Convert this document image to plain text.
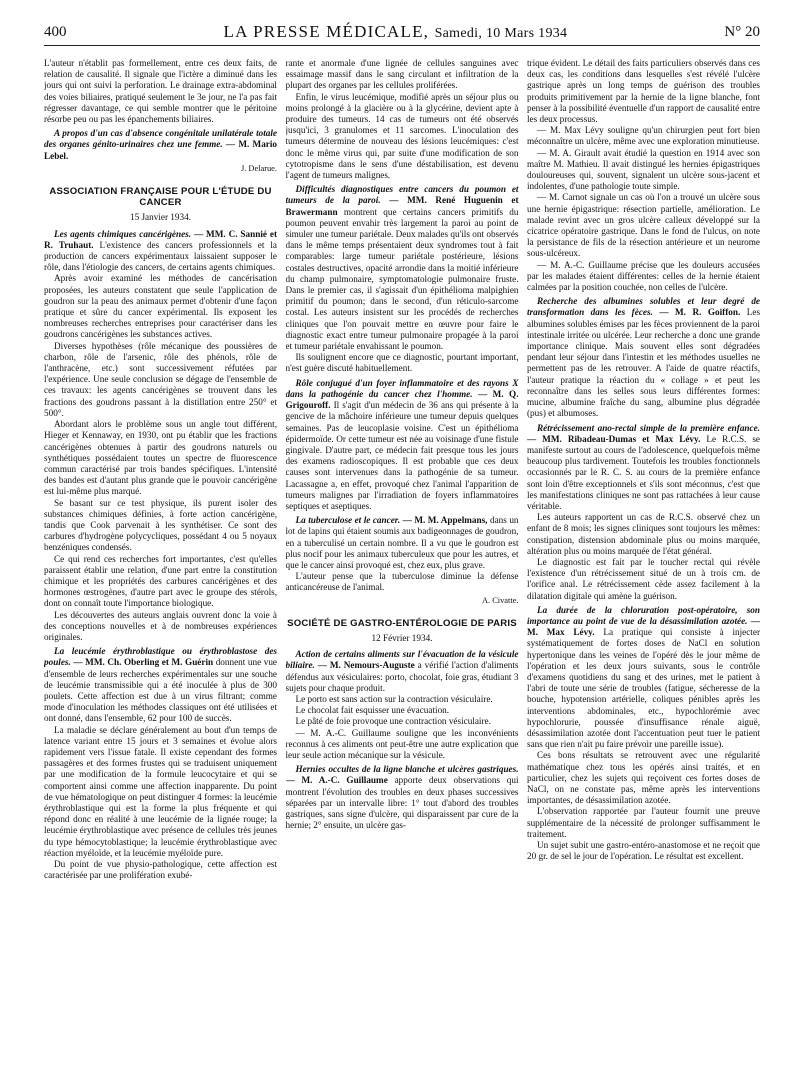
400	LA PRESSE MÉDICALE, Samedi, 10 Mars 1934	N° 20

L'auteur n'établit pas formellement, entre ces deux faits, de relation de causalité. Il signale que l'ictère a diminué dans les jours qui ont suivi la perforation. Le drainage extra-abdominal des voies biliaires, pratiqué seulement le 3e jour, ne l'a pas fait régresser davantage, ce qui semble montrer que le péritoine résorbe peu ou pas les épanchements biliaires.

A propos d'un cas d'absence congénitale unilatérale totale des organes génito-urinaires chez une femme. — M. Mario Lebel.

J. Delarue.

ASSOCIATION FRANÇAISE POUR L'ÉTUDE DU CANCER

15 Janvier 1934.

Les agents chimiques cancérigènes. — MM. C. Sannié et R. Truhaut. L'existence des cancers professionnels et la production de cancers expérimentaux laissaient supposer le rôle, dans l'étiologie des cancers, de certains agents chimiques.

Après avoir examiné les méthodes de cancérisation proposées, les auteurs constatent que seule l'application de goudron sur la peau des animaux permet d'obtenir d'une façon pratique et sûre du cancer expérimental. Ils exposent les nombreuses recherches entreprises pour caractériser dans les goudrons cancérigènes les substances actives.

Diverses hypothèses (rôle mécanique des poussières de charbon, rôle de l'arsenic, rôle des phénols, rôle de l'anthracène, etc.) sont successivement réfutées par l'expérience. Une seule conclusion se dégage de l'ensemble de ces travaux: les agents cancérigènes se trouvent dans les fractions des goudrons passant à la distillation entre 250° et 500°.

Abordant alors le problème sous un angle tout différent, Hieger et Kennaway, en 1930, ont pu établir que les fractions cancérigènes obtenues à partir des goudrons naturels ou synthétiques possédaient toutes un spectre de fluorescence commun caractérisé par trois bandes spécifiques. L'intensité des bandes est d'autant plus grande que le pouvoir cancérigène est lui-même plus marqué.

Se basant sur ce test physique, ils purent isoler des substances chimiques définies, à forte action cancérigène, tandis que Cook parvenait à les synthétiser. Ce sont des carbures d'hydrogène polycycliques, possédant 4 ou 5 noyaux benzéniques condensés.

Ce qui rend ces recherches fort importantes, c'est qu'elles paraissent établir une relation, d'une part entre la constitution chimique et les propriétés des carbures cancérigènes et des hormones œstrogènes, d'autre part avec le groupe des stérols, dont on connaît toute l'importance biologique.

Les découvertes des auteurs anglais ouvrent donc la voie à des conceptions nouvelles et à de nombreuses expériences originales.

La leucémie érythroblastique ou érythroblastose des poules. — MM. Ch. Oberling et M. Guérin donnent une vue d'ensemble de leurs recherches expérimentales sur une souche de leucémie transmissible qui a été inoculée à plus de 300 poulets. Cette affection est due à un virus filtrant; comme mode d'inoculation les méthodes classiques ont été utilisées et ont donné, dans l'ensemble, 62 pour 100 de succès.

La maladie se déclare généralement au bout d'un temps de latence variant entre 15 jours et 3 semaines et évolue alors rapidement vers l'issue fatale. Il existe cependant des formes passagères et des formes frustes qui se traduisent uniquement par une modification de la formule leucocytaire et qui se comportent ainsi comme une affection inapparente. Du point de vue hématologique on peut distinguer 4 formes: la leucémie érythroblastique qui est la forme la plus fréquente et qui répond donc en réalité à une leucémie de la lignée rouge; la leucémie érythroblastique avec présence de cellules très jeunes du type hémocytoblastique; la leucémie érythroblastique avec réaction myéloïde, et la leucémie myéloïde pure.

Du point de vue physio-pathologique, cette affection est caractérisée par une prolifération exubé-

rante et anormale d'une lignée de cellules sanguines avec essaimage massif dans le sang circulant et infiltration de la plupart des organes par les cellules proliférées.

Enfin, le virus leucémique, modifié après un séjour plus ou moins prolongé à la glacière ou à la glycérine, devient apte à produire des tumeurs. 14 cas de tumeurs ont été observés jusqu'ici, 3 granulomes et 11 sarcomes. L'inoculation des tumeurs détermine de nouveau des lésions leucémiques: c'est donc le même virus qui, par suite d'une modification de son cytotropisme dans le sens d'une déstabilisation, est devenu l'agent de tumeurs malignes.

Difficultés diagnostiques entre cancers du poumon et tumeurs de la paroi. — MM. René Huguenin et Brawermann montrent que certains cancers primitifs du poumon peuvent envahir très largement la paroi au point de simuler une tumeur pariétale. Deux malades qu'ils ont observés dans le même temps présentaient deux syndromes tout à fait comparables: large tumeur pariétale postérieure, lésions costales destructives, opacité arrondie dans la moitié inférieure du champ pulmonaire, symptomatologie pulmonaire fruste. Dans le premier cas, il s'agissait d'un épithélioma malpighien primitif du poumon; dans le second, d'un réticulo-sarcome costal. Les auteurs insistent sur les procédés de recherches cliniques que l'on pouvait mettre en œuvre pour faire le diagnostic exact entre tumeur pulmonaire propagée à la paroi et tumeur pariétale envahissant le poumon.

Ils soulignent encore que ce diagnostic, pourtant important, n'est guère discuté habituellement.

Rôle conjugué d'un foyer inflammatoire et des rayons X dans la pathogénie du cancer chez l'homme. — M. Q. Grigouroff. Il s'agit d'un médecin de 36 ans qui présente à la gencive de la mâchoire inférieure une tumeur depuis quelques semaines. Pas de leucoplasie voisine. C'est un épithélioma épidermoïde. Or cette tumeur est née au voisinage d'une fistule gingivale. D'autre part, ce médecin fait presque tous les jours des examens radioscopiques. Il est probable que ces deux causes sont intervenues dans la pathogénie de sa tumeur. Lacassagne a, en effet, provoqué chez l'animal l'apparition de tumeurs malignes par l'irradiation de foyers inflammatoires septiques et aseptiques.

La tuberculose et le cancer. — M. M. Appelmans, dans un lot de lapins qui étaient soumis aux badigeonnages de goudron, en a tuberculisé un certain nombre. Il a vu que le goudron est plus nocif pour les animaux tuberculeux que pour les autres, et que le cancer ainsi provoqué est, chez eux, plus grave.

L'auteur pense que la tuberculose diminue la défense anticancéreuse de l'animal.

A. Civatte.

SOCIÉTÉ DE GASTRO-ENTÉROLOGIE DE PARIS

12 Février 1934.

Action de certains aliments sur l'évacuation de la vésicule biliaire. — M. Nemours-Auguste a vérifié l'action d'aliments défendus aux vésiculaires: porto, chocolat, foie gras, étudiant 3 sujets pour chaque produit.

Le porto est sans action sur la contraction vésiculaire.

Le chocolat fait esquisser une évacuation.

Le pâté de foie provoque une contraction vésiculaire.

— M. A.-C. Guillaume souligne que les inconvénients reconnus à ces aliments ont peut-être une autre explication que leur seule action mécanique sur la vésicule.

Hernies occultes de la ligne blanche et ulcères gastriques. — M. A.-C. Guillaume apporte deux observations qui montrent l'évolution des troubles en deux phases successives séparées par un intervalle libre: 1° tout d'abord des troubles gastriques, sans signe d'ulcère, qui disparaissent par cure de la hernie; 2° ensuite, un ulcère gas-

trique évident. Le détail des faits particuliers observés dans ces deux cas, les conditions dans lesquelles s'est révélé l'ulcère gastrique après un long temps de guérison des troubles produits primitivement par la hernie de la ligne blanche, font penser à la possibilité éventuelle d'un rapport de causalité entre les deux processus.

— M. Max Lévy souligne qu'un chirurgien peut fort bien méconnaître un ulcère, même avec une exploration minutieuse.

— M. A. Girault avait étudié la question en 1914 avec son maître M. Mathieu. Il avait distingué les hernies épigastriques douloureuses qui, souvent, signalent un ulcère sous-jacent et indolentes, d'une pathologie toute simple.

— M. Carnot signale un cas où l'on a trouvé un ulcère sous une hernie épigastrique: résection partielle, amélioration. Le malade revint avec un gros ulcère calleux développé sur la cicatrice opératoire gastrique. Dans le fond de l'ulcus, on note la persistance de fils de la résection antérieure et un neurome sous-ulcéreux.

— M. A.-C. Guillaume précise que les douleurs accusées par les malades étaient différentes: celles de la hernie étaient calmées par la position couchée, non celles de l'ulcère.

Recherche des albumines solubles et leur degré de transformation dans les fèces. — M. R. Goiffon. Les albumines solubles émises par les fèces proviennent de la paroi intestinale irritée ou ulcérée. Leur recherche a donc une grande importance clinique. Mais souvent elles sont dégradées pendant leur séjour dans l'intestin et les méthodes usuelles ne permettent pas de les retrouver. A l'aide de quatre réactifs, l'auteur pratique la réaction du « collage » et peut les reconnaître dans les selles sous leurs différentes formes: mucine, albumine fraîche du sang, albumine plus dégradée (pus) et albumoses.

Rétrécissement ano-rectal simple de la première enfance. — MM. Ribadeau-Dumas et Max Lévy. Le R.C.S. se manifeste surtout au cours de l'adolescence, quelquefois même beaucoup plus tardivement. Toutefois les troubles fonctionnels occasionnés par le R. C. S. au cours de la première enfance sont loin d'être exceptionnels et s'ils sont méconnus, c'est que les manifestations cliniques ne sont pas rattachées à leur cause véritable.

Les auteurs rapportent un cas de R.C.S. observé chez un enfant de 8 mois; les signes cliniques sont toujours les mêmes: constipation, distension abdominale plus ou moins marquée, altération plus ou moins marquée de l'état général.

Le diagnostic est fait par le toucher rectal qui révèle l'existence d'un rétrécissement situé de un à trois cm. de l'orifice anal. Le rétrécissement cède assez facilement à la dilatation digitale qui amène la guérison.

La durée de la chloruration post-opératoire, son importance au point de vue de la désassimilation azotée. — M. Max Lévy. La pratique qui consiste à injecter systématiquement de fortes doses de NaCl en solution hypertonique dans les veines de l'opéré dès le jour même de l'opération et les deux jours suivants, sous le contrôle d'examens quotidiens du sang et des urines, met le patient à l'abri de toute une série de troubles (fatigue, sécheresse de la bouche, hypotension artérielle, coliques pénibles après les interventions abdominales, etc., hypochlorémie avec hypochlorurie, poussée d'insuffisance rénale aiguë, désassimilation azotée dont l'accentuation peut tuer le patient sans que rien n'ait pu faire prévoir une pareille issue).

Ces bons résultats se retrouvent avec une régularité mathématique chez tous les opérés ainsi traités, et en particulier, chez les sujets qui reçoivent ces fortes doses de NaCl, on ne constate pas, même après les interventions importantes, de désassimilation azotée.

L'observation rapportée par l'auteur fournit une preuve supplémentaire de la nécessité de prolonger suffisamment le traitement.

Un sujet subit une gastro-entéro-anastomose et ne reçoit que 20 gr. de sel le jour de l'opération. Le résultat est excellent.
